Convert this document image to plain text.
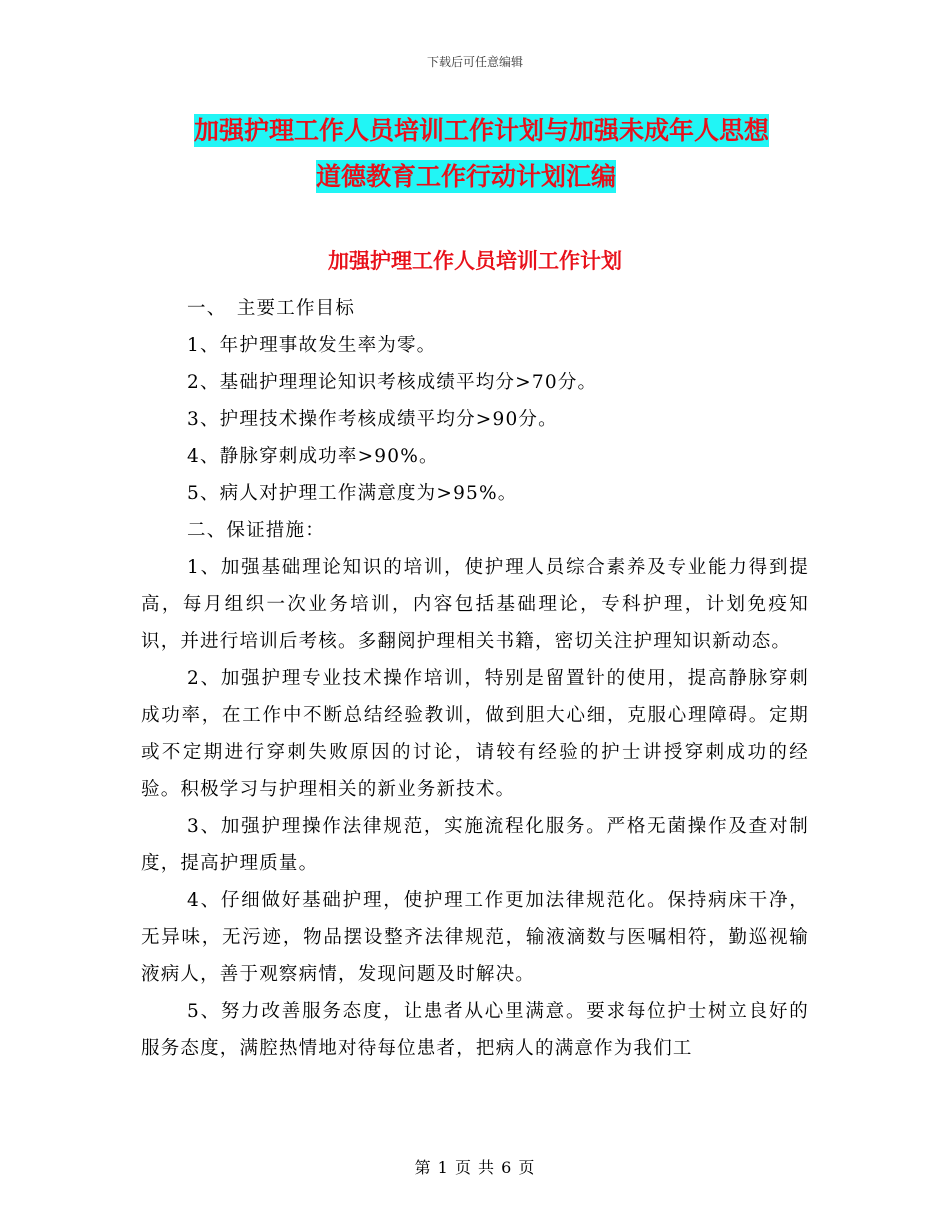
下载后可任意编辑
加强护理工作人员培训工作计划与加强未成年人思想
道德教育工作行动计划汇编
加强护理工作人员培训工作计划

一、　主要工作目标

1、年护理事故发生率为零。

2、基础护理理论知识考核成绩平均分>70分。

3、护理技术操作考核成绩平均分>90分。

4、静脉穿刺成功率>90%。

5、病人对护理工作满意度为>95%。

二、保证措施：

1、加强基础理论知识的培训，使护理人员综合素养及专业能力得到提高，每月组织一次业务培训，内容包括基础理论，专科护理，计划免疫知识，并进行培训后考核。多翻阅护理相关书籍，密切关注护理知识新动态。

2、加强护理专业技术操作培训，特别是留置针的使用，提高静脉穿刺成功率，在工作中不断总结经验教训，做到胆大心细，克服心理障碍。定期或不定期进行穿刺失败原因的讨论，请较有经验的护士讲授穿刺成功的经验。积极学习与护理相关的新业务新技术。

3、加强护理操作法律规范，实施流程化服务。严格无菌操作及查对制度，提高护理质量。

4、仔细做好基础护理，使护理工作更加法律规范化。保持病床干净，无异味，无污迹，物品摆设整齐法律规范，输液滴数与医嘱相符，勤巡视输液病人，善于观察病情，发现问题及时解决。

5、努力改善服务态度，让患者从心里满意。要求每位护士树立良好的服务态度，满腔热情地对待每位患者，把病人的满意作为我们工

第 1 页 共 6 页
